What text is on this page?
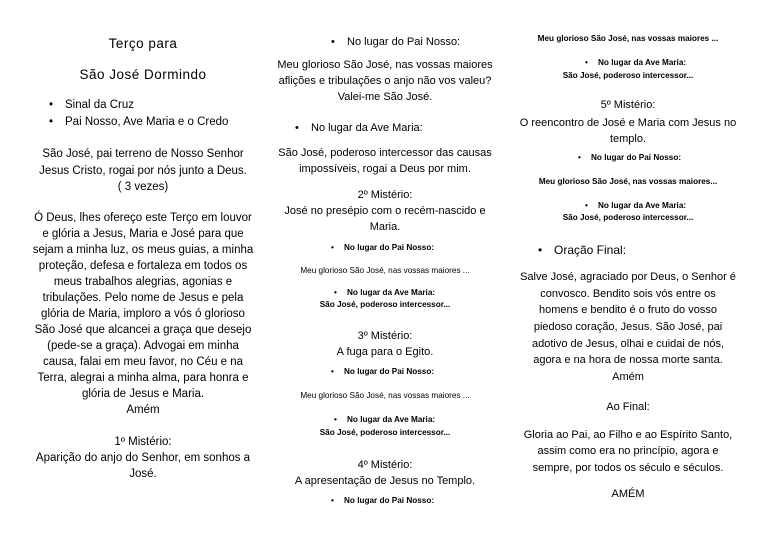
Terço para
São José Dormindo
• Sinal da Cruz
• Pai Nosso, Ave Maria e o Credo
São José, pai terreno de Nosso Senhor
Jesus Cristo, rogai por nós junto a Deus.
( 3 vezes)
Ó Deus, lhes ofereço este Terço em louvor
e glória a Jesus, Maria e José para que
sejam a minha luz, os meus guias, a minha
proteção, defesa e fortaleza em todos os
meus trabalhos alegrias, agonias e
tribulações. Pelo nome de Jesus e pela
glória de Maria, imploro a vós ó glorioso
São José que alcancei a graça que desejo
(pede-se a graça). Advogai em minha
causa, falai em meu favor, no Céu e na
Terra, alegrai a minha alma, para honra e
glória de Jesus e Maria.
Amém
1º Mistério:
Aparição do anjo do Senhor, em sonhos a
José.
• No lugar do Pai Nosso:
Meu glorioso São José, nas vossas maiores
aflições e tribulações o anjo não vos valeu?
Valei-me São José.
• No lugar da Ave Maria:
São José, poderoso intercessor das causas
impossíveis, rogai a Deus por mim.
2º Mistério:
José no presépio com o recém-nascido e
Maria.
• No lugar do Pai Nosso:
Meu glorioso São José, nas vossas maiores ...
• No lugar da Ave Maria:
São José, poderoso intercessor...
3º Mistério:
A fuga para o Egito.
• No lugar do Pai Nosso:
Meu glorioso São José, nas vossas maiores ...
• No lugar da Ave Maria:
São José, poderoso intercessor...
4º Mistério:
A apresentação de Jesus no Templo.
• No lugar do Pai Nosso:
Meu glorioso São José, nas vossas maiores ...
• No lugar da Ave Maria:
São José, poderoso intercessor...
5º Mistério:
O reencontro de José e Maria com Jesus no
templo.
• No lugar do Pai Nosso:
Meu glorioso São José, nas vossas maiores...
• No lugar da Ave Maria:
São José, poderoso intercessor...
• Oração Final:
Salve José, agraciado por Deus, o Senhor é
convosco. Bendito sois vós entre os
homens e bendito é o fruto do vosso
piedoso coração, Jesus. São José, pai
adotivo de Jesus, olhai e cuidai de nós,
agora e na hora de nossa morte santa.
Amém
Ao Final:
Gloria ao Pai, ao Filho e ao Espírito Santo,
assim como era no princípio, agora e
sempre, por todos os século e séculos.
AMÉM
